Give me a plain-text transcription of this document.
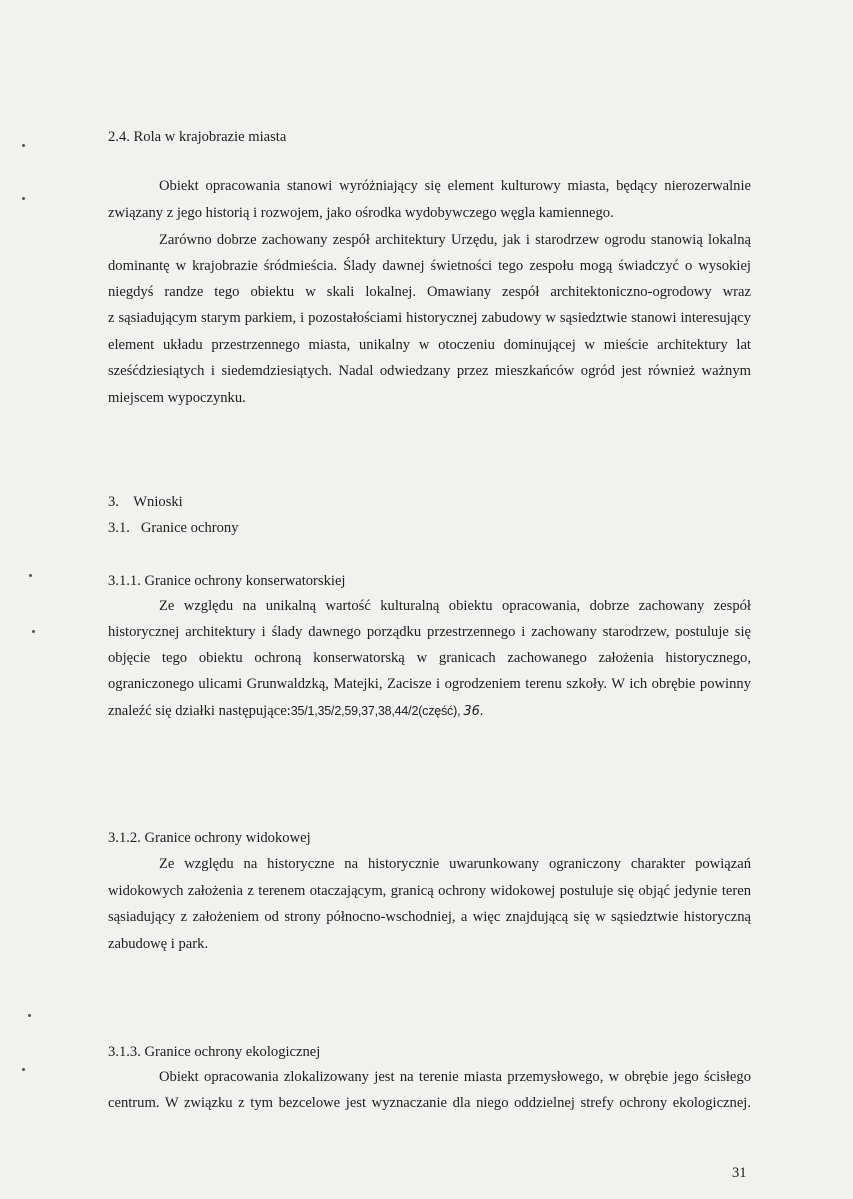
2.4. Rola w krajobrazie miasta
Obiekt opracowania stanowi wyróżniający się element kulturowy miasta, będący nierozerwalnie
związany z jego historią i rozwojem, jako ośrodka wydobywczego węgla kamiennego.
Zarówno dobrze zachowany zespół architektury Urzędu, jak i starodrzew ogrodu stanowią lokalną
dominantę w krajobrazie śródmieścia. Ślady dawnej świetności tego zespołu mogą świadczyć o wysokiej
niegdyś randze tego obiektu w skali lokalnej. Omawiany zespół architektoniczno-ogrodowy wraz
z sąsiadującym starym parkiem, i pozostałościami historycznej zabudowy w sąsiedztwie stanowi interesujący
element układu przestrzennego miasta, unikalny w otoczeniu dominującej w mieście architektury lat
sześćdziesiątych i siedemdziesiątych. Nadal odwiedzany przez mieszkańców ogród jest również ważnym
miejscem wypoczynku.
3.    Wnioski
3.1.   Granice ochrony
3.1.1. Granice ochrony konserwatorskiej
Ze względu na unikalną wartość kulturalną obiektu opracowania, dobrze zachowany zespół
historycznej architektury i ślady dawnego porządku przestrzennego i zachowany starodrzew, postuluje się
objęcie tego obiektu ochroną konserwatorską w granicach zachowanego założenia historycznego,
ograniczonego ulicami Grunwaldzką, Matejki, Zacisze i ogrodzeniem terenu szkoły. W ich obrębie powinny
znaleźć się działki następujące:35/1,35/2,59,37,38,44/2(część), 36.
3.1.2. Granice ochrony widokowej
Ze względu na historyczne na historycznie uwarunkowany ograniczony charakter powiązań
widokowych założenia z terenem otaczającym, granicą ochrony widokowej postuluje się objąć jedynie teren
sąsiadujący z założeniem od strony północno-wschodniej, a więc znajdującą się w sąsiedztwie historyczną
zabudowę i park.
3.1.3. Granice ochrony ekologicznej
Obiekt opracowania zlokalizowany jest na terenie miasta przemysłowego, w obrębie jego ścisłego
centrum. W związku z tym bezcelowe jest wyznaczanie dla niego oddzielnej strefy ochrony ekologicznej.
31
